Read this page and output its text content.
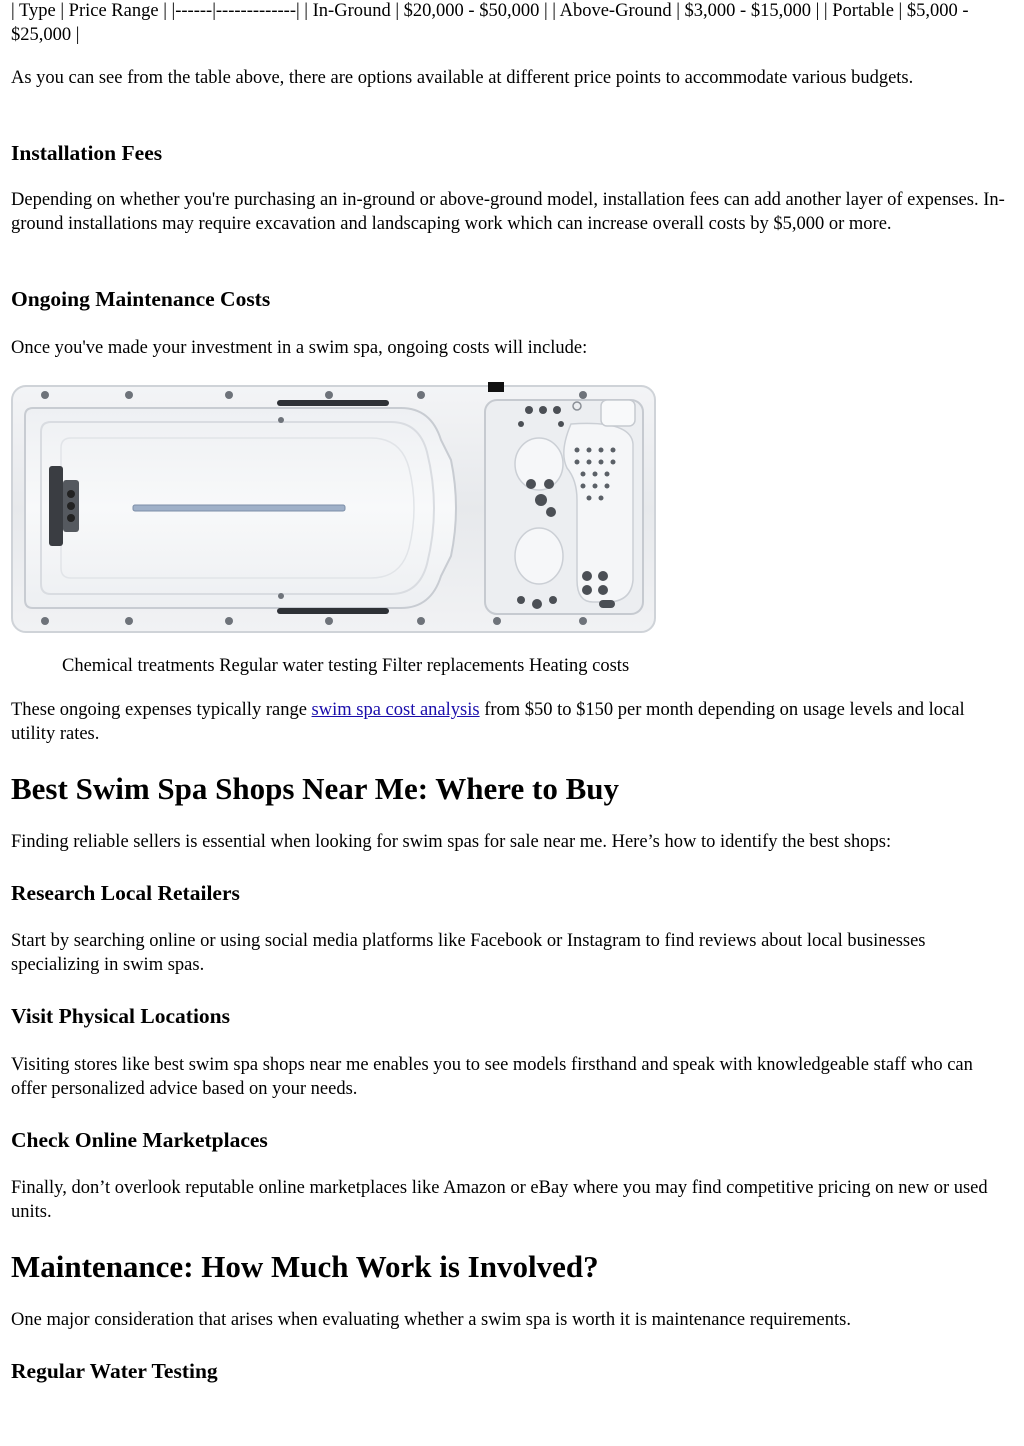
| Type | Price Range | |------|-------------| | In-Ground | $20,000 - $50,000 | | Above-Ground | $3,000 - $15,000 | | Portable | $5,000 - $25,000 |

As you can see from the table above, there are options available at different price points to accommodate various budgets.

Installation Fees

Depending on whether you're purchasing an in-ground or above-ground model, installation fees can add another layer of expenses. In-ground installations may require excavation and landscaping work which can increase overall costs by $5,000 or more.

Ongoing Maintenance Costs

Once you've made your investment in a swim spa, ongoing costs will include:

Chemical treatments Regular water testing Filter replacements Heating costs

These ongoing expenses typically range swim spa cost analysis from $50 to $150 per month depending on usage levels and local utility rates.

Best Swim Spa Shops Near Me: Where to Buy

Finding reliable sellers is essential when looking for swim spas for sale near me. Here’s how to identify the best shops:

Research Local Retailers

Start by searching online or using social media platforms like Facebook or Instagram to find reviews about local businesses specializing in swim spas.

Visit Physical Locations

Visiting stores like best swim spa shops near me enables you to see models firsthand and speak with knowledgeable staff who can offer personalized advice based on your needs.

Check Online Marketplaces

Finally, don’t overlook reputable online marketplaces like Amazon or eBay where you may find competitive pricing on new or used units.

Maintenance: How Much Work is Involved?

One major consideration that arises when evaluating whether a swim spa is worth it is maintenance requirements.

Regular Water Testing
